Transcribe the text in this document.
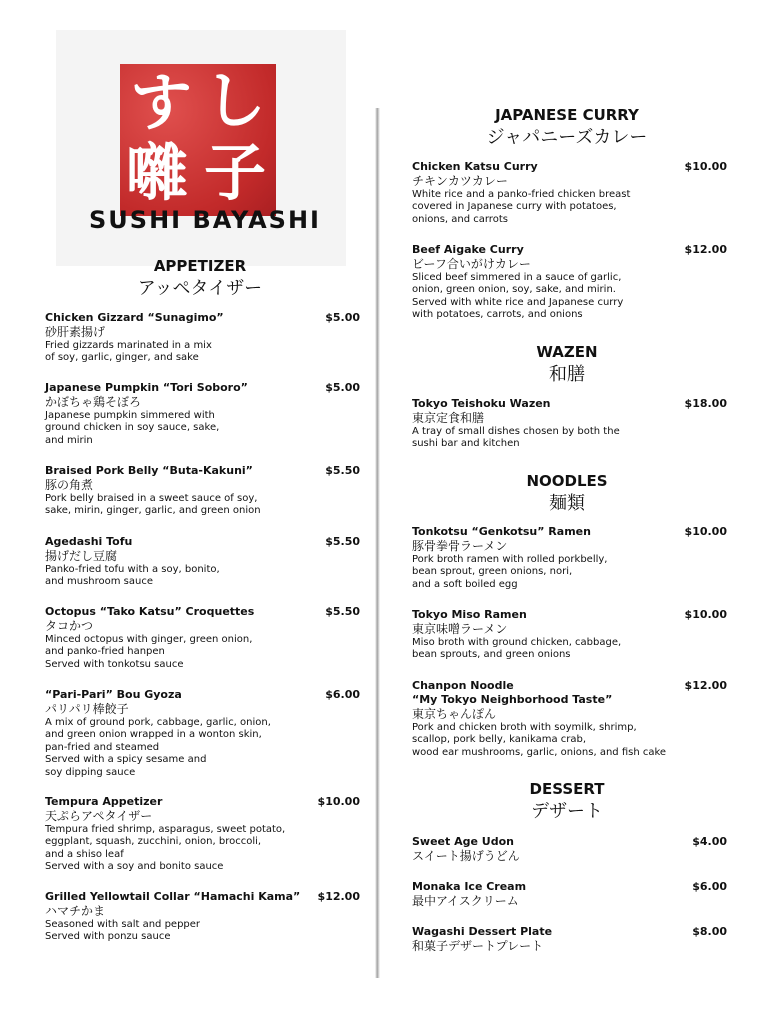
す し
囃 子
SUSHI BAYASHI
APPETIZER
アッペタイザー
Chicken Gizzard “Sunagimo”	$5.00
砂肝素揚げ
Fried gizzards marinated in a mix
of soy, garlic, ginger, and sake
Japanese Pumpkin “Tori Soboro”	$5.00
かぼちゃ鶏そぼろ
Japanese pumpkin simmered with
ground chicken in soy sauce, sake,
and mirin
Braised Pork Belly “Buta-Kakuni”	$5.50
豚の角煮
Pork belly braised in a sweet sauce of soy,
sake, mirin, ginger, garlic, and green onion
Agedashi Tofu	$5.50
揚げだし豆腐
Panko-fried tofu with a soy, bonito,
and mushroom sauce
Octopus “Tako Katsu” Croquettes	$5.50
タコかつ
Minced octopus with ginger, green onion,
and panko-fried hanpen
Served with tonkotsu sauce
“Pari-Pari” Bou Gyoza	$6.00
パリパリ棒餃子
A mix of ground pork, cabbage, garlic, onion,
and green onion wrapped in a wonton skin,
pan-fried and steamed
Served with a spicy sesame and
soy dipping sauce
Tempura Appetizer	$10.00
天ぷらアペタイザー
Tempura fried shrimp, asparagus, sweet potato,
eggplant, squash, zucchini, onion, broccoli,
and a shiso leaf
Served with a soy and bonito sauce
Grilled Yellowtail Collar “Hamachi Kama” $12.00
ハマチかま
Seasoned with salt and pepper
Served with ponzu sauce
JAPANESE CURRY
ジャパニーズカレー
Chicken Katsu Curry	$10.00
チキンカツカレー
White rice and a panko-fried chicken breast
covered in Japanese curry with potatoes,
onions, and carrots
Beef Aigake Curry	$12.00
ビーフ合いがけカレー
Sliced beef simmered in a sauce of garlic,
onion, green onion, soy, sake, and mirin.
Served with white rice and Japanese curry
with potatoes, carrots, and onions
WAZEN
和膳
Tokyo Teishoku Wazen	$18.00
東京定食和膳
A tray of small dishes chosen by both the
sushi bar and kitchen
NOODLES
麺類
Tonkotsu “Genkotsu” Ramen	$10.00
豚骨拳骨ラーメン
Pork broth ramen with rolled porkbelly,
bean sprout, green onions, nori,
and a soft boiled egg
Tokyo Miso Ramen	$10.00
東京味噌ラーメン
Miso broth with ground chicken, cabbage,
bean sprouts, and green onions
Chanpon Noodle	$12.00
“My Tokyo Neighborhood Taste”
東京ちゃんぽん
Pork and chicken broth with soymilk, shrimp,
scallop, pork belly, kanikama crab,
wood ear mushrooms, garlic, onions, and fish cake
DESSERT
デザート
Sweet Age Udon	$4.00
スイート揚げうどん
Monaka Ice Cream	$6.00
最中アイスクリーム
Wagashi Dessert Plate	$8.00
和菓子デザートプレート
